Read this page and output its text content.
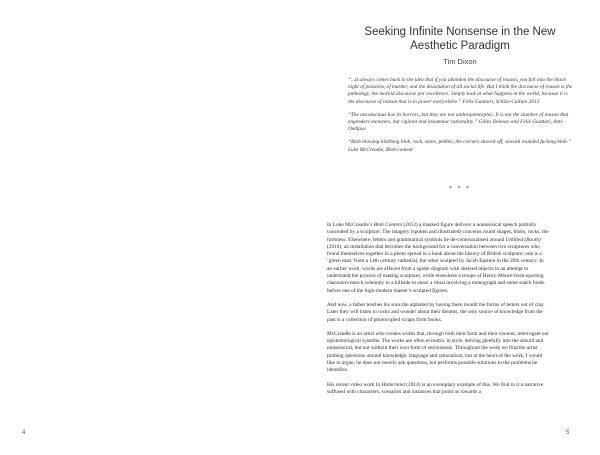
4
Seeking Infinite Nonsense in the New Aesthetic Paradigm
Tim Dixon

“...It always comes back to the idea that if you abandon the discourse of reason, you fall into the black night of passions, of murder, and the dissolution of all social life. But I think the discourse of reason is the pathology, the morbid discourse par excellence. Simply look at what happens in the world, because it is the discourse of reason that is in power everywhere.” Félix Guattari, Schizo-Culture 2013

“The unconscious has its horrors, but they are not anthropomorphic. It is not the slumber of reason that engenders monsters, but vigilant and insomniac rationality.” Gilles Deleuze and Félix Guattari, Anti-Oedipus

“Blob blowing blobbing blob, rock, stone, pebble, the corners shaved off, smooth rounded fucking blob.” Luke McCreadie, Blob content

* * *

In Luke McCreadie’s Blob Content (2012) a masked figure delivers a nonsensical speech partially concealed by a sculpture. The imagery (spoken and illustrated) concerns round shapes, blobs, rocks, the formless. Elsewhere, letters and grammatical symbols lie de-contextualised around Untitled (Booth) (2010), an installation that becomes the background for a conversation between two sculptures who found themselves together in a photo spread in a book about the history of British sculpture; one is a ‘green man’ from a 14th century cathedral, the other sculpted by Jacob Epstein in the 20th century. In an earlier work, words are effaced from a spider diagram with shelved objects in an attempt to understand the process of making sculpture, while elsewhere a troupe of Henry-Moore-form-sporting characters march solemnly to a hillside to enact a ritual involving a monograph and some snack foods before one of the high-modern master’s sculpted figures.

And now, a father teaches his sons the alphabet by having them mould the forms of letters out of clay. Later they will listen to rocks and wonder about their dreams, the only source of knowledge from the past is a collection of photocopied scraps from books.

McCreadie is an artist who creates works that, through both their form and their content, interrogate our epistemological systems. The works are often eccentric in style, delving gleefully into the absurd and nonsensical, but not without their own form of seriousness. Throughout the work we find the artist probing questions around knowledge, language and rationalism, but at the heart of the work, I would like to argue, he does not merely ask questions, but performs possible solutions to the problems he identifies.

His recent video work In Hinterland (2014) is an exemplary example of this. We find in it a narrative suffused with characters, scenarios and instances that point us towards a

5
